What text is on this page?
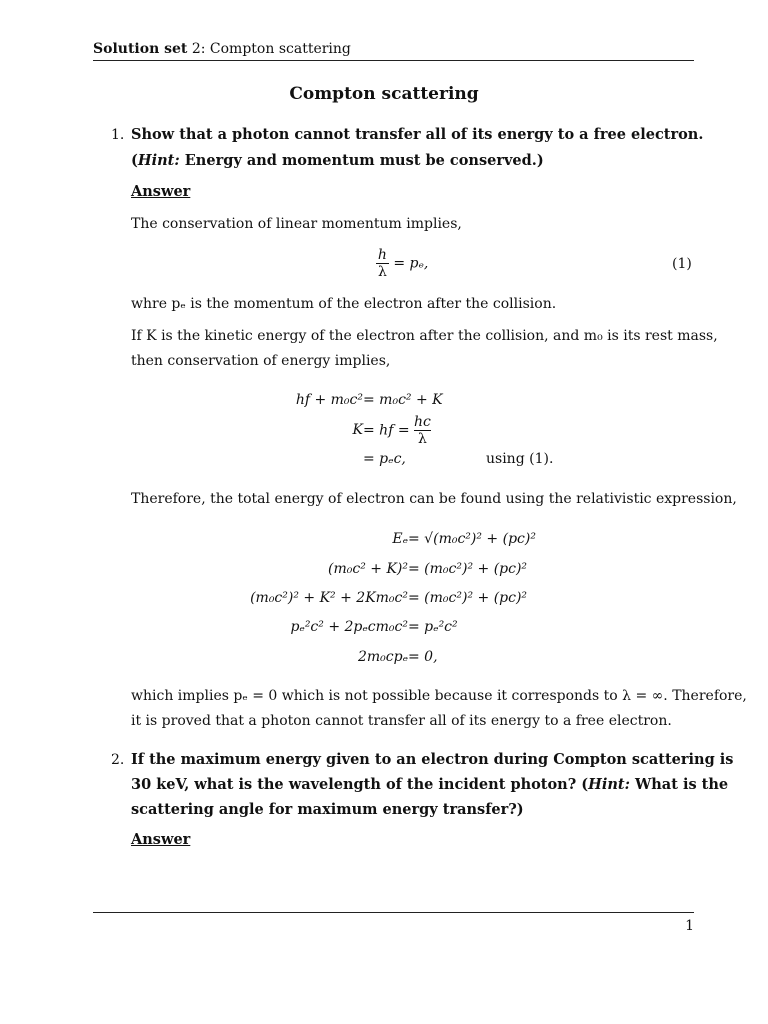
Solution set 2: Compton scattering
Compton scattering
1. Show that a photon cannot transfer all of its energy to a free electron.
(Hint: Energy and momentum must be conserved.)
Answer
The conservation of linear momentum implies,
$\frac{h}{\lambda} = p_e$,	(1)
whre pₑ is the momentum of the electron after the collision.
If K is the kinetic energy of the electron after the collision, and m₀ is its rest mass,
then conservation of energy implies,
hf + m₀c² = m₀c² + K
K = hf = $\frac{hc}{\lambda}$
= pₑc,	using (1).
Therefore, the total energy of electron can be found using the relativistic expression,
Eₑ = √(m₀c²)² + (pc)²
(m₀c² + K)² = (m₀c²)² + (pc)²
(m₀c²)² + K² + 2Km₀c² = (m₀c²)² + (pc)²
pₑ²c² + 2pₑcm₀c² = pₑ²c²
2m₀cpₑ = 0,
which implies pₑ = 0 which is not possible because it corresponds to λ = ∞. Therefore,
it is proved that a photon cannot transfer all of its energy to a free electron.
2. If the maximum energy given to an electron during Compton scattering is
30 keV, what is the wavelength of the incident photon? (Hint: What is the
scattering angle for maximum energy transfer?)
Answer
1
